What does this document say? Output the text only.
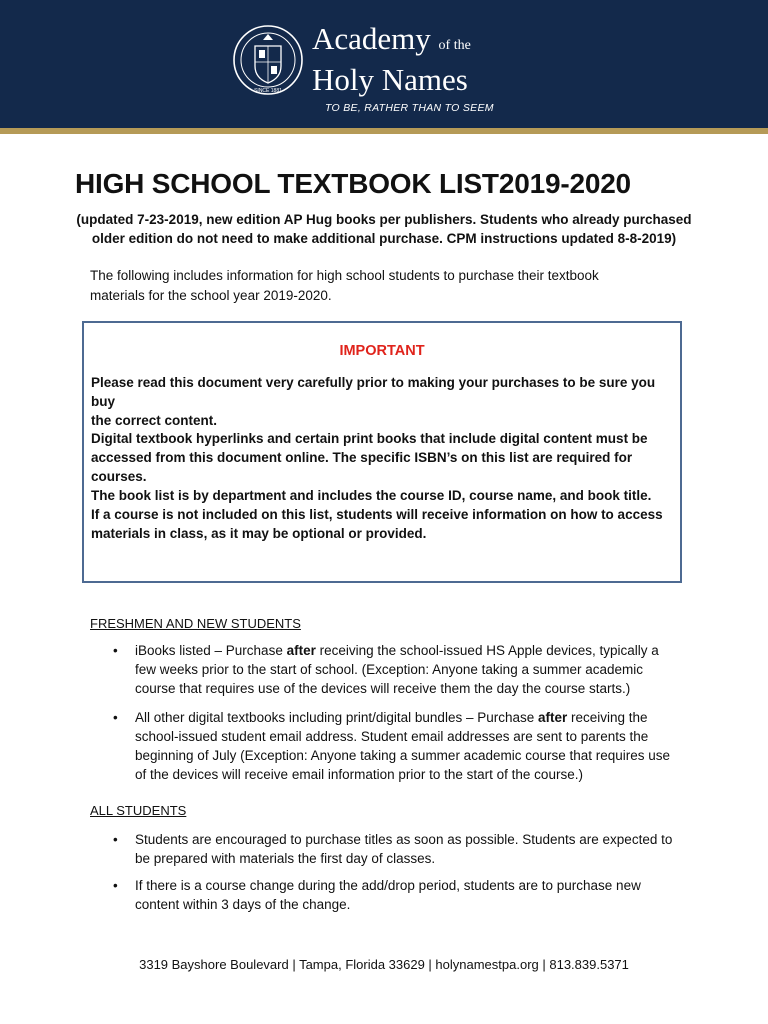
SINCE 1881
Academy of the
Holy Names
TO BE, RATHER THAN TO SEEM
HIGH SCHOOL TEXTBOOK LIST2019-2020
(updated 7-23-2019, new edition AP Hug books per publishers. Students who already purchased
older edition do not need to make additional purchase. CPM instructions updated 8-8-2019)
The following includes information for high school students to purchase their textbook
materials for the school year 2019-2020.
IMPORTANT
Please read this document very carefully prior to making your purchases to be sure you buy
the correct content.
Digital textbook hyperlinks and certain print books that include digital content must be
accessed from this document online. The specific ISBN’s on this list are required for courses.
The book list is by department and includes the course ID, course name, and book title.
If a course is not included on this list, students will receive information on how to access
materials in class, as it may be optional or provided.
FRESHMEN AND NEW STUDENTS
• iBooks listed – Purchase after receiving the school-issued HS Apple devices, typically a few weeks prior to the start of school. (Exception: Anyone taking a summer academic course that requires use of the devices will receive them the day the course starts.)
• All other digital textbooks including print/digital bundles – Purchase after receiving the school-issued student email address. Student email addresses are sent to parents the beginning of July (Exception: Anyone taking a summer academic course that requires use of the devices will receive email information prior to the start of the course.)
ALL STUDENTS
• Students are encouraged to purchase titles as soon as possible. Students are expected to be prepared with materials the first day of classes.
• If there is a course change during the add/drop period, students are to purchase new content within 3 days of the change.
3319 Bayshore Boulevard | Tampa, Florida 33629 | holynamestpa.org | 813.839.5371
